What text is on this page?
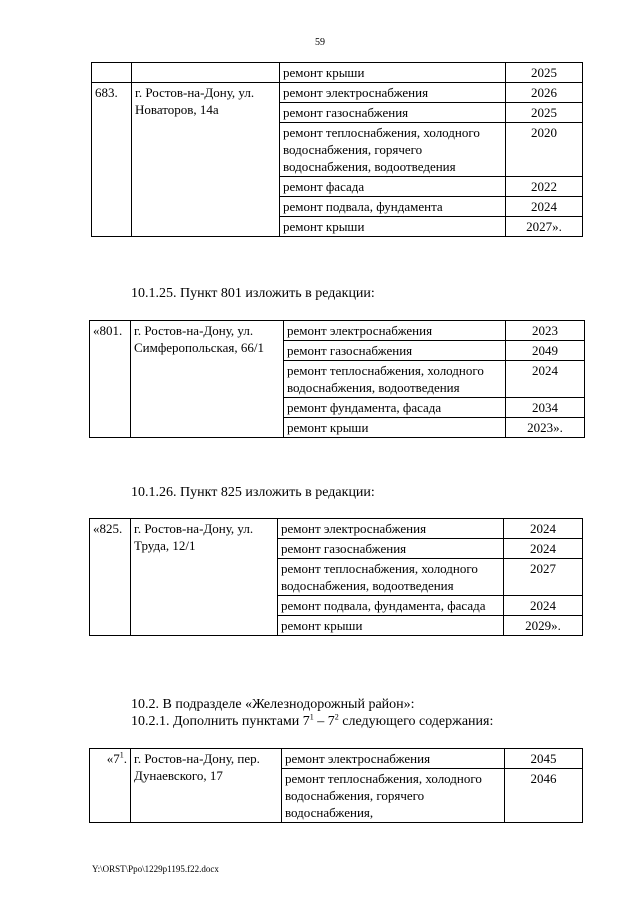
59
		ремонт крыши	2025
683.	г. Ростов-на-Дону, ул. Новаторов, 14а	ремонт электроснабжения	2026
		ремонт газоснабжения	2025
		ремонт теплоснабжения, холодного водоснабжения, горячего водоснабжения, водоотведения	2020
		ремонт фасада	2022
		ремонт подвала, фундамента	2024
		ремонт крыши	2027».
10.1.25. Пункт 801 изложить в редакции:
«801.	г. Ростов-на-Дону, ул. Симферопольская, 66/1	ремонт электроснабжения	2023
		ремонт газоснабжения	2049
		ремонт теплоснабжения, холодного водоснабжения, водоотведения	2024
		ремонт фундамента, фасада	2034
		ремонт крыши	2023».
10.1.26. Пункт 825 изложить в редакции:
«825.	г. Ростов-на-Дону, ул. Труда, 12/1	ремонт электроснабжения	2024
		ремонт газоснабжения	2024
		ремонт теплоснабжения, холодного водоснабжения, водоотведения	2027
		ремонт подвала, фундамента, фасада	2024
		ремонт крыши	2029».
10.2. В подразделе «Железнодорожный район»:
10.2.1. Дополнить пунктами $7^1 - 7^2$ следующего содержания:
«$7^1$.	г. Ростов-на-Дону, пер. Дунаевского, 17	ремонт электроснабжения	2045
		ремонт теплоснабжения, холодного водоснабжения, горячего водоснабжения,	2046
Y:\ORST\Ppo\1229p1195.f22.docx
